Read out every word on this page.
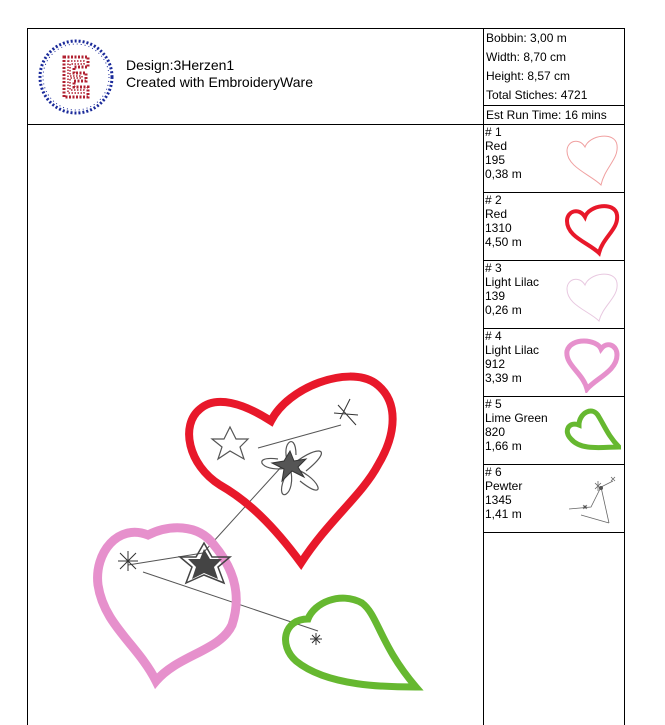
Design:3Herzen1
Created with EmbroideryWare
Bobbin: 3,00 m
Width: 8,70 cm
Height: 8,57 cm
Total Stiches: 4721
Est Run Time: 16 mins
# 1
Red
195
0,38 m
# 2
Red
1310
4,50 m
# 3
Light Lilac
139
0,26 m
# 4
Light Lilac
912
3,39 m
# 5
Lime Green
820
1,66 m
# 6
Pewter
1345
1,41 m
